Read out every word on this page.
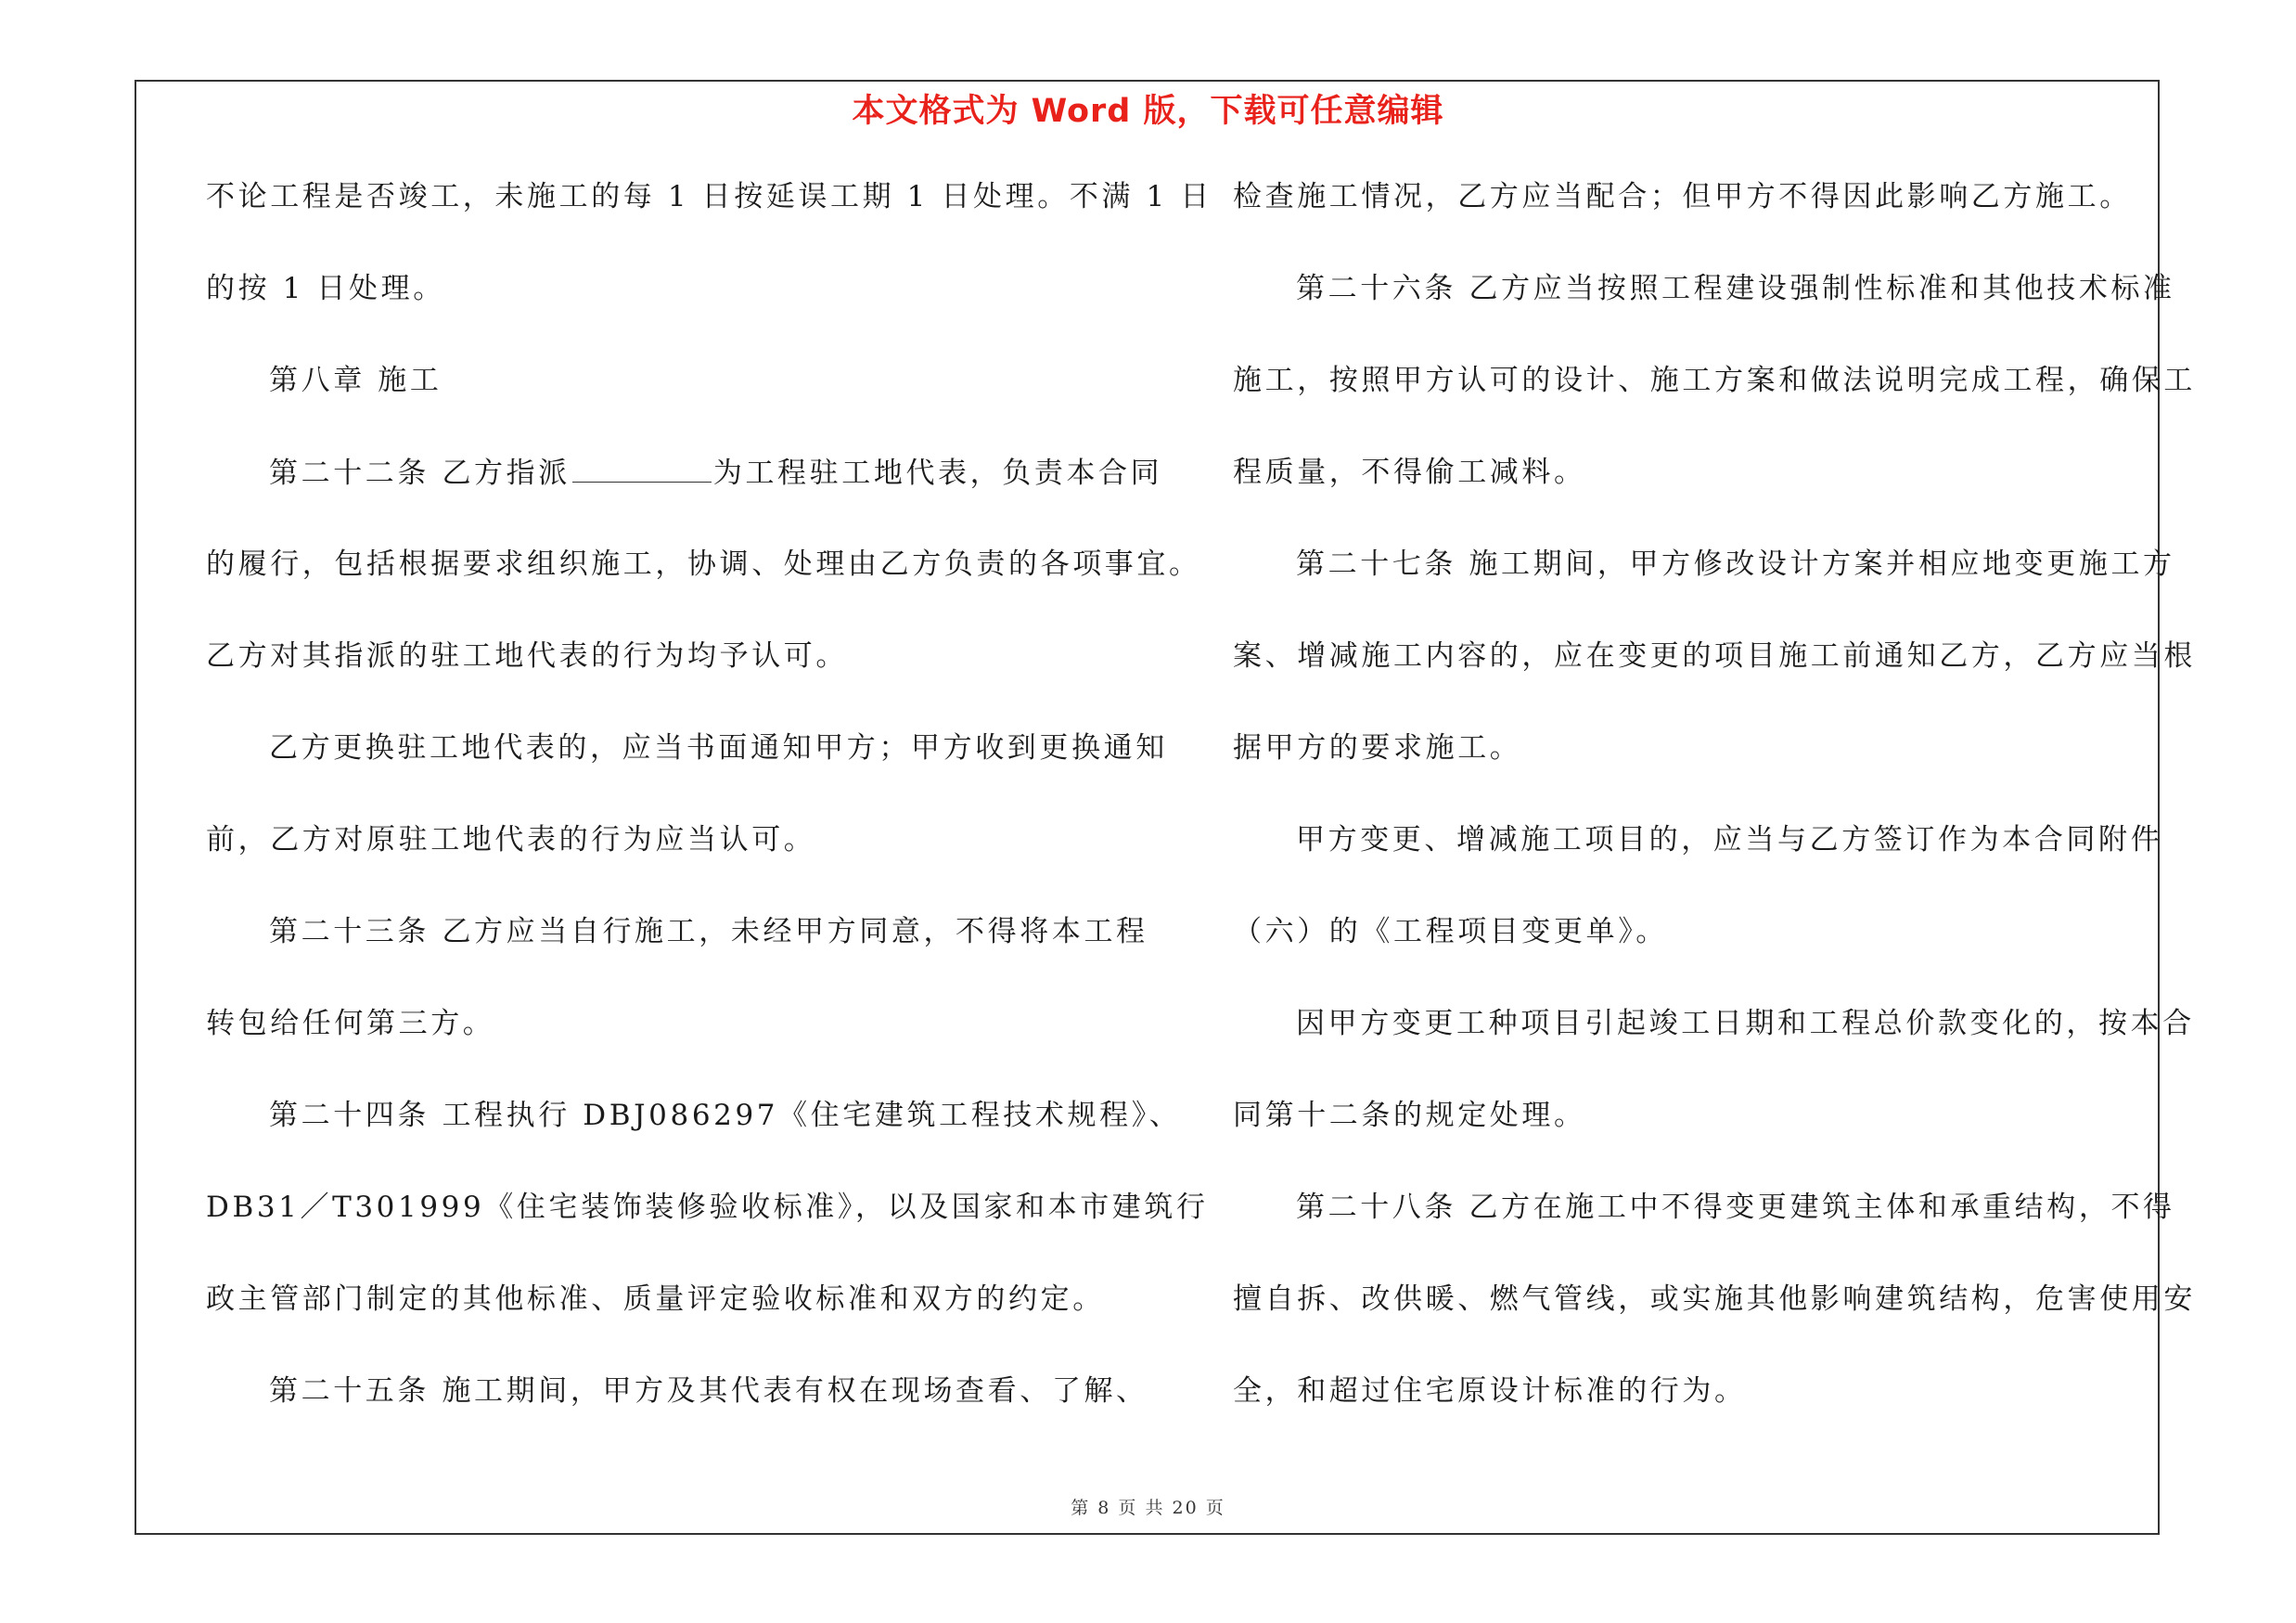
本文格式为 Word 版，下载可任意编辑
不论工程是否竣工，未施工的每 1 日按延误工期 1 日处理。不满 1 日
的按 1 日处理。
第八章 施工
第二十二条 乙方指派	为工程驻工地代表，负责本合同
的履行，包括根据要求组织施工，协调、处理由乙方负责的各项事宜。
乙方对其指派的驻工地代表的行为均予认可。
乙方更换驻工地代表的，应当书面通知甲方；甲方收到更换通知
前，乙方对原驻工地代表的行为应当认可。
第二十三条 乙方应当自行施工，未经甲方同意，不得将本工程
转包给任何第三方。
第二十四条 工程执行 DBJ086297《住宅建筑工程技术规程》、
DB31／T301999《住宅装饰装修验收标准》，以及国家和本市建筑行
政主管部门制定的其他标准、质量评定验收标准和双方的约定。
第二十五条 施工期间，甲方及其代表有权在现场查看、了解、
检查施工情况，乙方应当配合；但甲方不得因此影响乙方施工。
第二十六条 乙方应当按照工程建设强制性标准和其他技术标准
施工，按照甲方认可的设计、施工方案和做法说明完成工程，确保工
程质量，不得偷工减料。
第二十七条 施工期间，甲方修改设计方案并相应地变更施工方
案、增减施工内容的，应在变更的项目施工前通知乙方，乙方应当根
据甲方的要求施工。
甲方变更、增减施工项目的，应当与乙方签订作为本合同附件
（六）的《工程项目变更单》。
因甲方变更工种项目引起竣工日期和工程总价款变化的，按本合
同第十二条的规定处理。
第二十八条 乙方在施工中不得变更建筑主体和承重结构，不得
擅自拆、改供暖、燃气管线，或实施其他影响建筑结构，危害使用安
全，和超过住宅原设计标准的行为。
第 8 页 共 20 页
